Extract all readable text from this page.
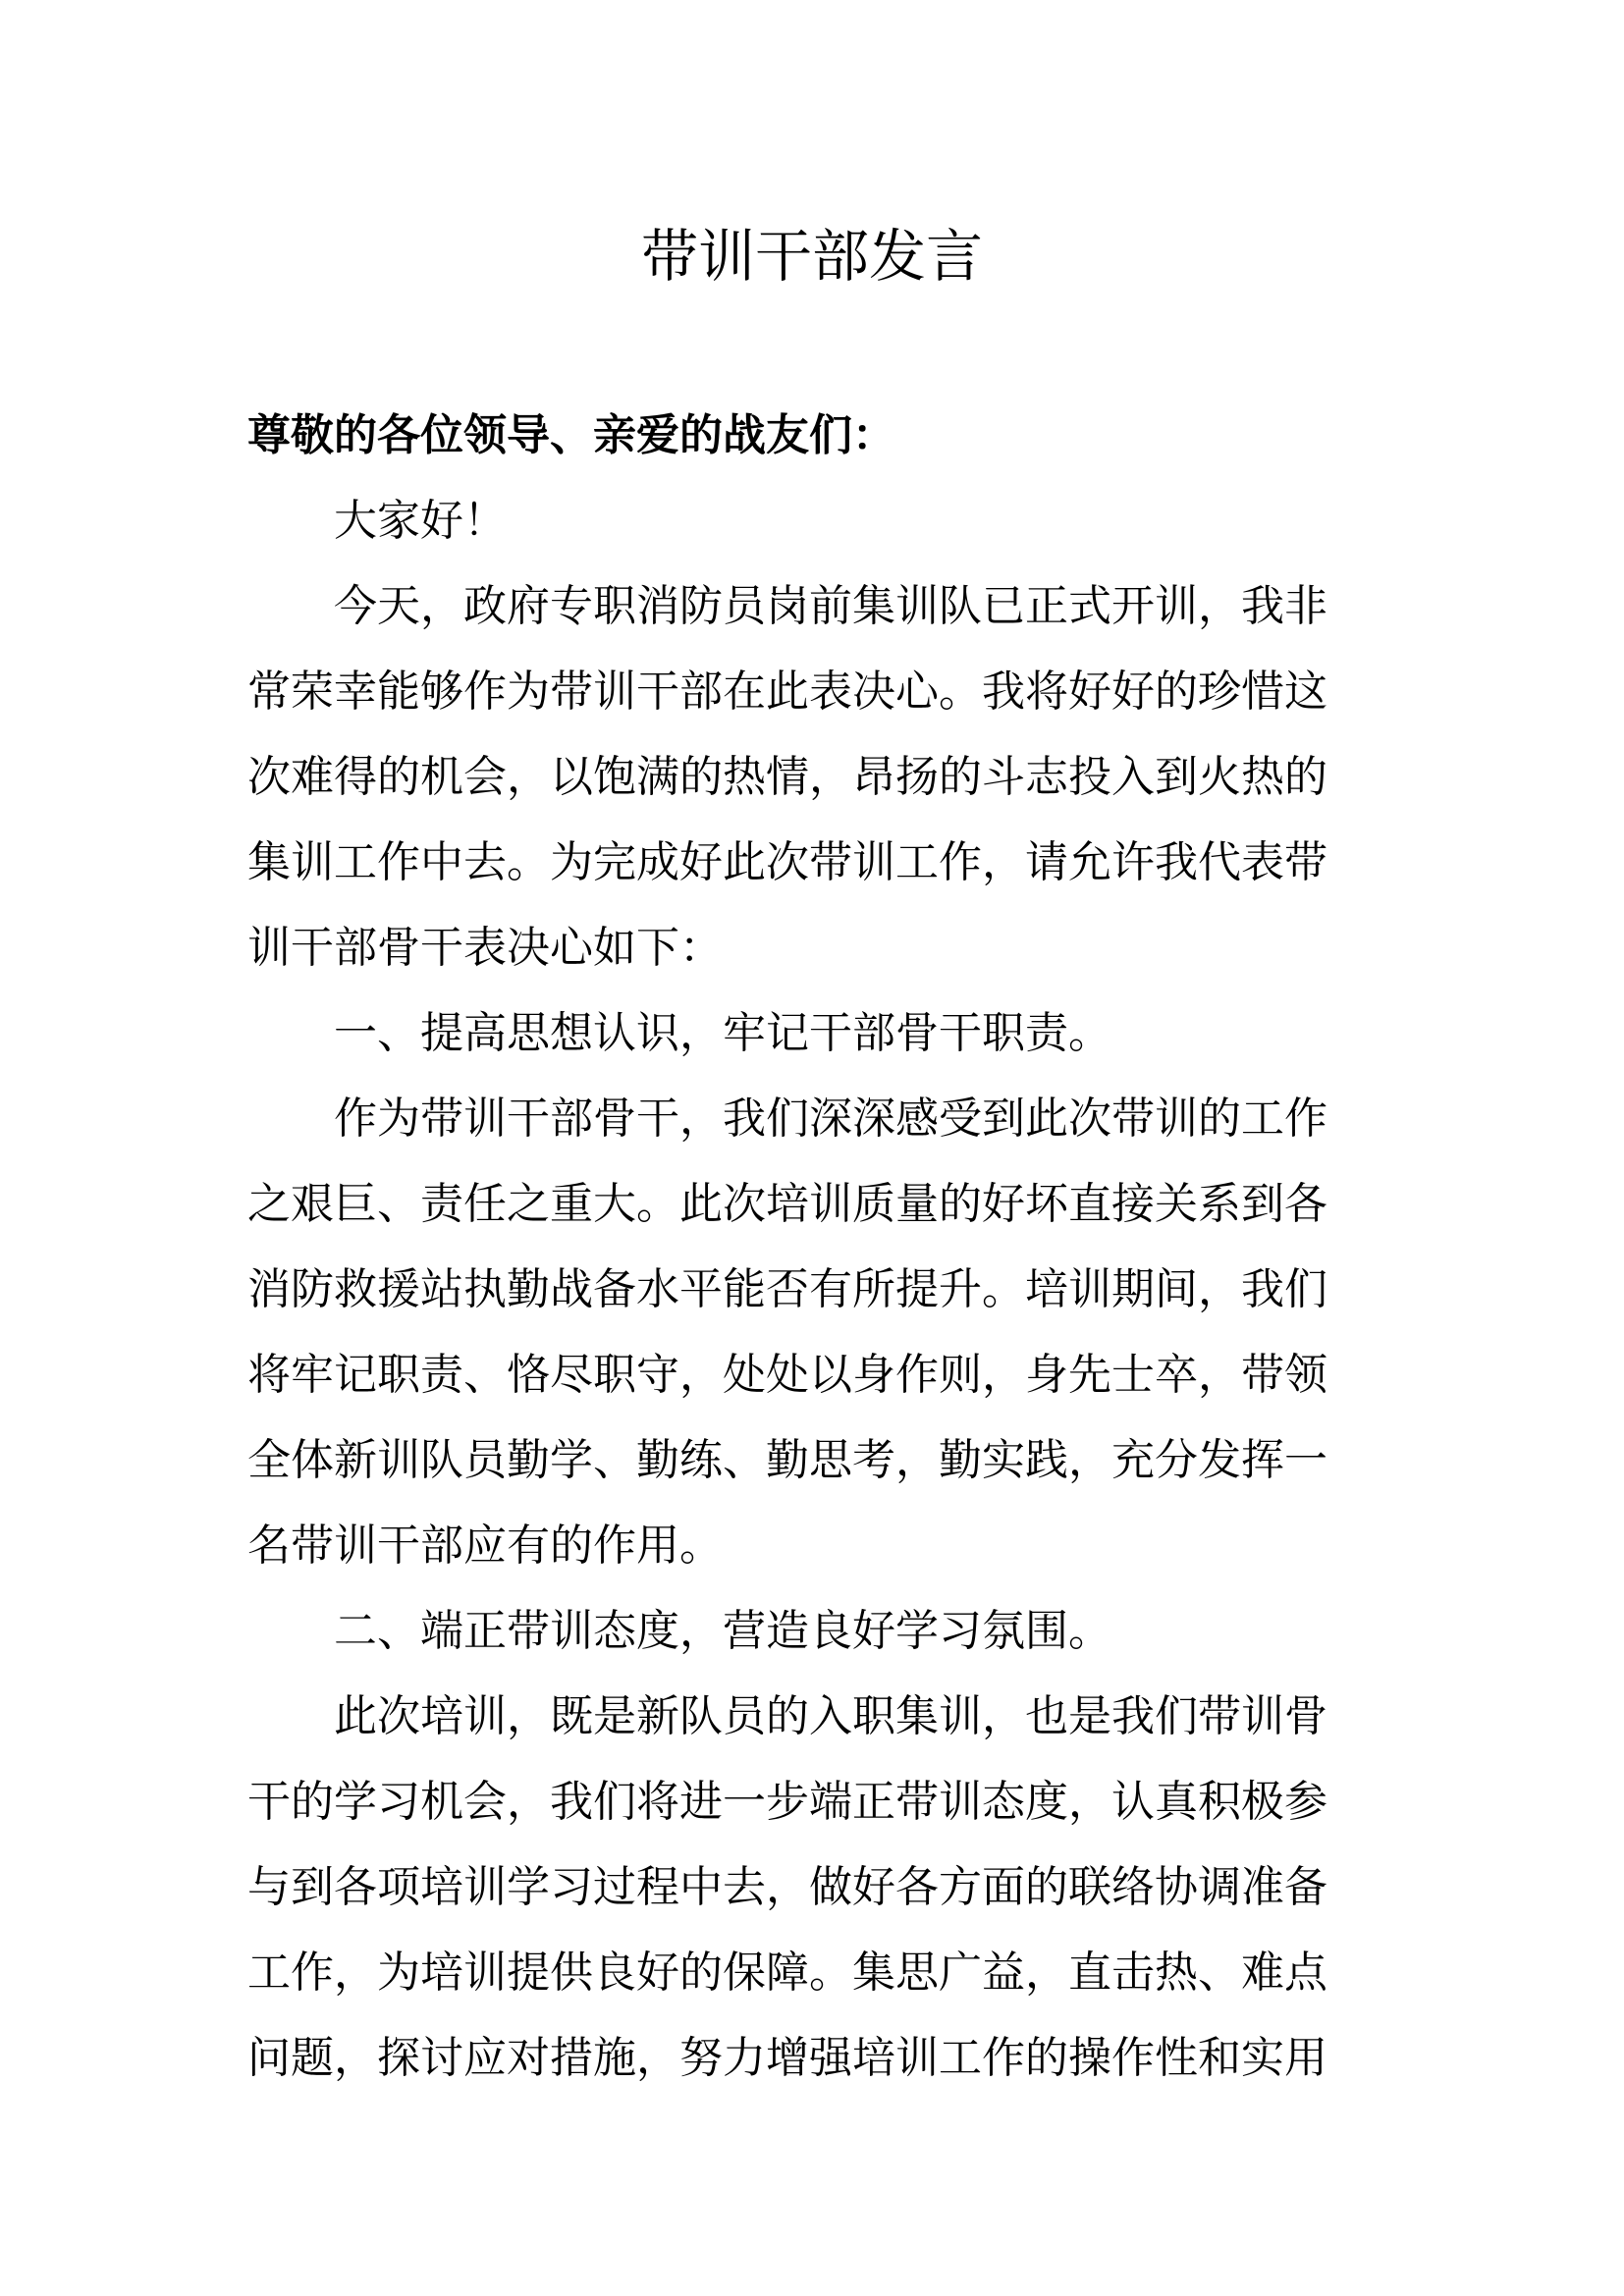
带训干部发言
尊敬的各位领导、亲爱的战友们：
大家好！
今天，政府专职消防员岗前集训队已正式开训，我非
常荣幸能够作为带训干部在此表决心。我将好好的珍惜这
次难得的机会，以饱满的热情，昂扬的斗志投入到火热的
集训工作中去。为完成好此次带训工作，请允许我代表带
训干部骨干表决心如下：
一、提高思想认识，牢记干部骨干职责。
作为带训干部骨干，我们深深感受到此次带训的工作
之艰巨、责任之重大。此次培训质量的好坏直接关系到各
消防救援站执勤战备水平能否有所提升。培训期间，我们
将牢记职责、恪尽职守，处处以身作则，身先士卒，带领
全体新训队员勤学、勤练、勤思考，勤实践，充分发挥一
名带训干部应有的作用。
二、端正带训态度，营造良好学习氛围。
此次培训，既是新队员的入职集训，也是我们带训骨
干的学习机会，我们将进一步端正带训态度，认真积极参
与到各项培训学习过程中去，做好各方面的联络协调准备
工作，为培训提供良好的保障。集思广益，直击热、难点
问题，探讨应对措施，努力增强培训工作的操作性和实用
